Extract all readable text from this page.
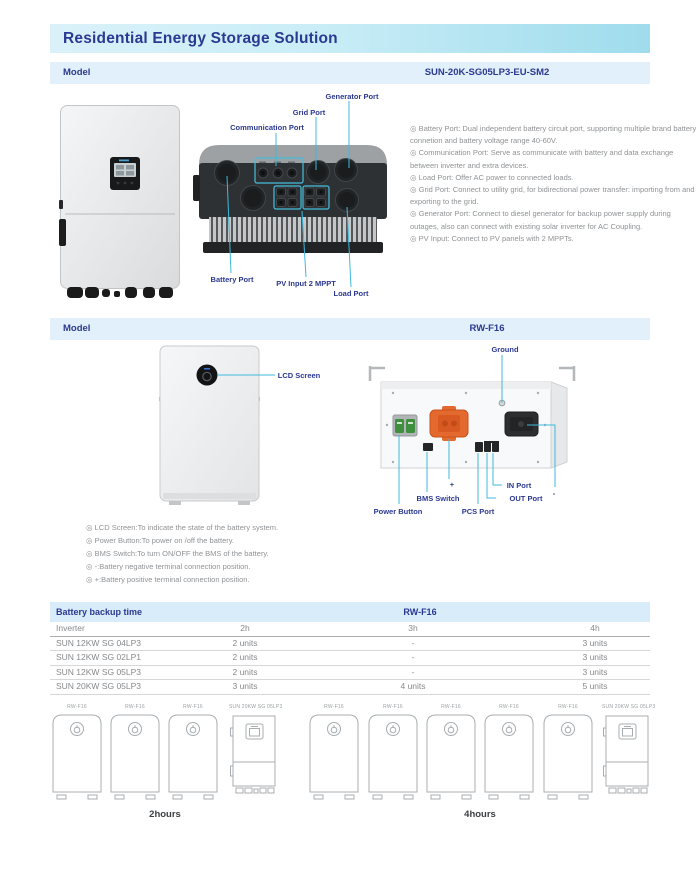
Residential Energy Storage Solution
Model	SUN-20K-SG05LP3-EU-SM2
Generator Port
Grid Port
Communication Port
Battery Port	PV Input 2 MPPT
Load Port

◎ Battery Port: Dual independent battery circuit port, supporting multiple brand battery connetion and battery voltage range 40-60V.

◎ Communication Port: Serve as communicate with battery and data exchange between inverter and extra devices.

◎ Load Port: Offer AC power to connected loads.

◎ Grid Port: Connect to utility grid, for bidirectional power transfer: importing from and exporting to the grid.

◎ Generator Port: Connect to diesel generator for backup power supply during outages, also can connect with existing solar inverter for AC Coupling.

◎ PV Input: Connect to PV panels with 2 MPPTs.

Model	RW-F16
LCD Screen
Ground
+	IN Port
OUT Port
-
BMS Switch
PCS Port
Power Button

◎ LCD Screen:To indicate the state of the battery system.

◎ Power Button:To power on /off the battery.

◎ BMS Switch:To turn ON/OFF the BMS of the battery.

◎ -:Battery negative terminal connection position.

◎ +:Battery positive terminal connection position.

Battery backup time	RW-F16
Inverter	2h	3h	4h
SUN 12KW SG 04LP3	2 units	-	3 units
SUN 12KW SG 02LP1	2 units	-	3 units
SUN 12KW SG 05LP3	2 units	-	3 units
SUN 20KW SG 05LP3	3 units	4 units	5 units
RW-F16	RW-F16	RW-F16	SUN 20KW SG 05LP3
2hours
RW-F16	RW-F16	RW-F16	RW-F16	RW-F16	SUN 20KW SG 05LP3
4hours
